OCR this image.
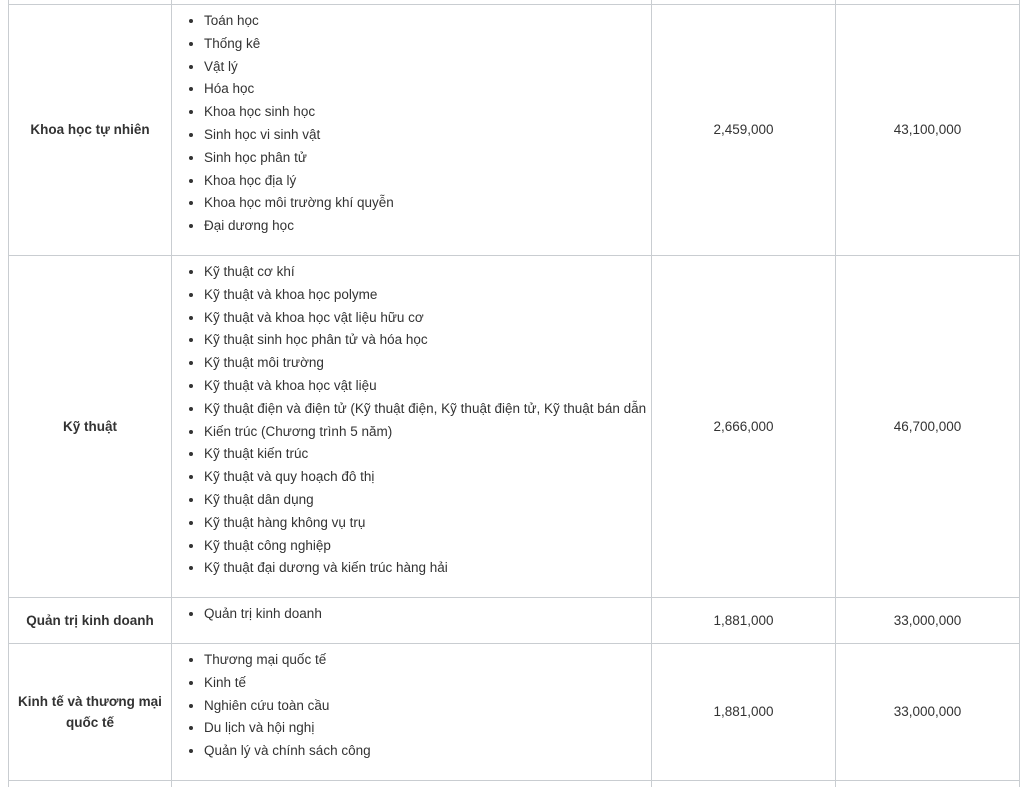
Khoa học tự nhiên	
• Toán học
• Thống kê
• Vật lý
• Hóa học
• Khoa học sinh học
• Sinh học vi sinh vật
• Sinh học phân tử
• Khoa học địa lý
• Khoa học môi trường khí quyễn
• Đại dương học
	2,459,000	43,100,000
Kỹ thuật	
• Kỹ thuật cơ khí
• Kỹ thuật và khoa học polyme
• Kỹ thuật và khoa học vật liệu hữu cơ
• Kỹ thuật sinh học phân tử và hóa học
• Kỹ thuật môi trường
• Kỹ thuật và khoa học vật liệu
• Kỹ thuật điện và điện tử (Kỹ thuật điện, Kỹ thuật điện tử, Kỹ thuật bán dẫn
• Kiến trúc (Chương trình 5 năm)
• Kỹ thuật kiến trúc
• Kỹ thuật và quy hoạch đô thị
• Kỹ thuật dân dụng
• Kỹ thuật hàng không vụ trụ
• Kỹ thuật công nghiệp
• Kỹ thuật đại dương và kiến trúc hàng hải
	2,666,000	46,700,000
Quản trị kinh doanh	
•Quản trị kinh doanh	1,881,000	33,000,000
Kinh tế và thương mại quốc tế	
• Thương mại quốc tế
• Kinh tế
• Nghiên cứu toàn cầu
• Du lịch và hội nghị
• Quản lý và chính sách công
	1,881,000	33,000,000
